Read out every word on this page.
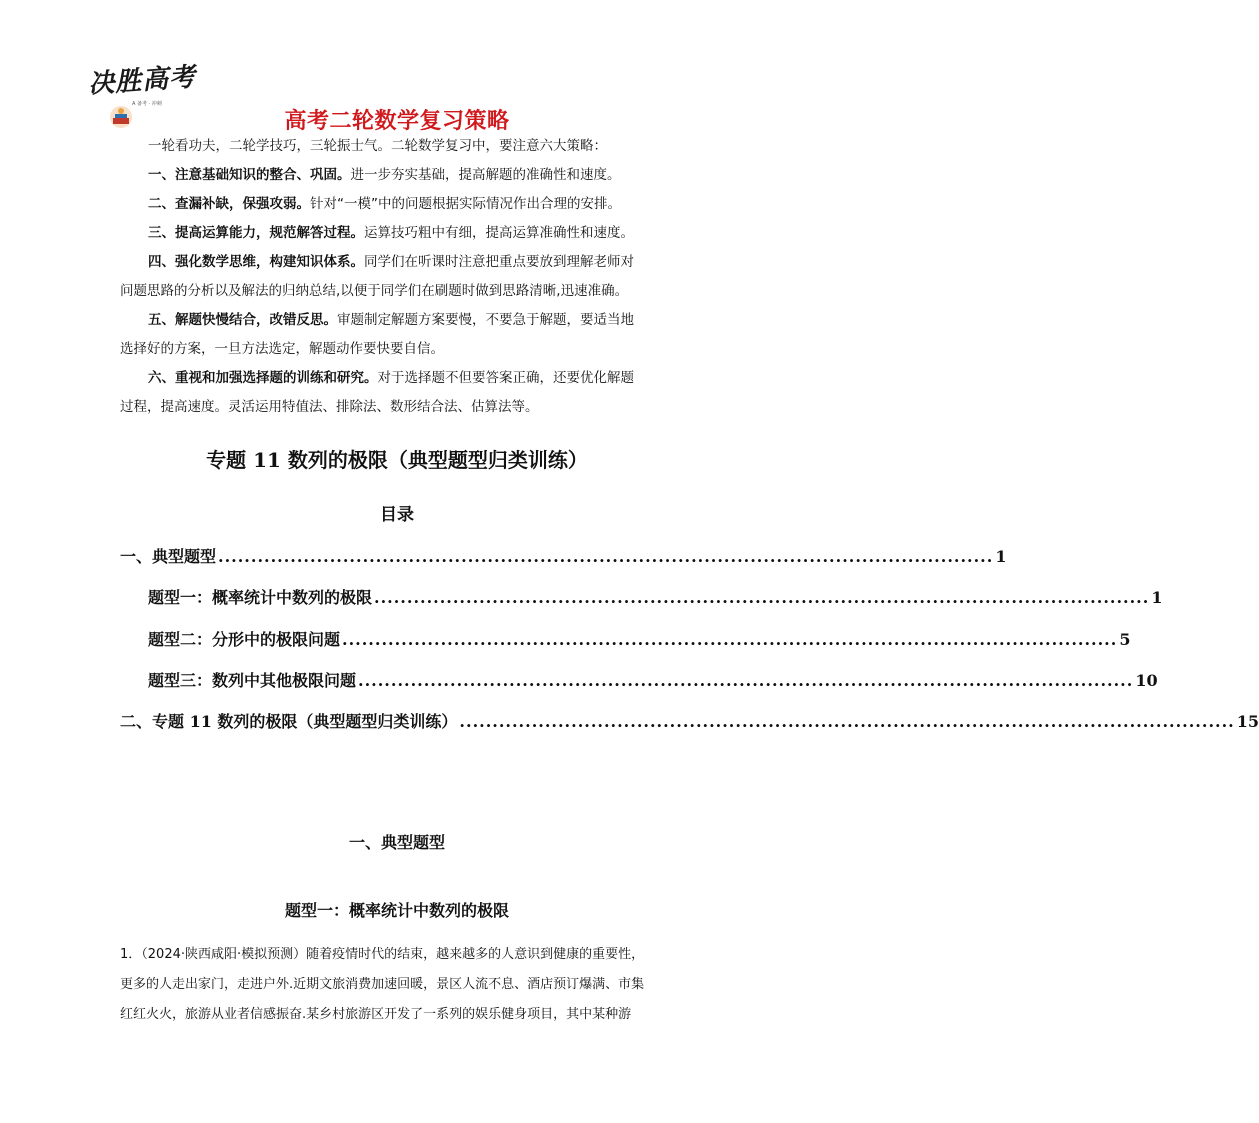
决胜高考
A 备考 · 冲刺
高考二轮数学复习策略

一轮看功夫，二轮学技巧，三轮振士气。二轮数学复习中，要注意六大策略：

一、注意基础知识的整合、巩固。进一步夯实基础，提高解题的准确性和速度。

二、查漏补缺，保强攻弱。针对“一模”中的问题根据实际情况作出合理的安排。

三、提高运算能力，规范解答过程。运算技巧粗中有细，提高运算准确性和速度。

四、强化数学思维，构建知识体系。同学们在听课时注意把重点要放到理解老师对

问题思路的分析以及解法的归纳总结,以便于同学们在刷题时做到思路清晰,迅速准确。

五、解题快慢结合，改错反思。审题制定解题方案要慢，不要急于解题，要适当地

选择好的方案，一旦方法选定，解题动作要快要自信。

六、重视和加强选择题的训练和研究。对于选择题不但要答案正确，还要优化解题

过程，提高速度。灵活运用特值法、排除法、数形结合法、估算法等。

专题 11 数列的极限（典型题型归类训练）
目录
一、典型题型 ...................................................................................................................... 1
题型一：概率统计中数列的极限 ...................................................................................................................... 1
题型二：分形中的极限问题 ...................................................................................................................... 5
题型三：数列中其他极限问题 ...................................................................................................................... 10
二、专题 11 数列的极限（典型题型归类训练） ...................................................................................................................... 15
一、典型题型
题型一：概率统计中数列的极限

1．（2024·陕西咸阳·模拟预测）随着疫情时代的结束，越来越多的人意识到健康的重要性，

更多的人走出家门，走进户外.近期文旅消费加速回暖，景区人流不息、酒店预订爆满、市集

红红火火，旅游从业者信感振奋.某乡村旅游区开发了一系列的娱乐健身项目，其中某种游
